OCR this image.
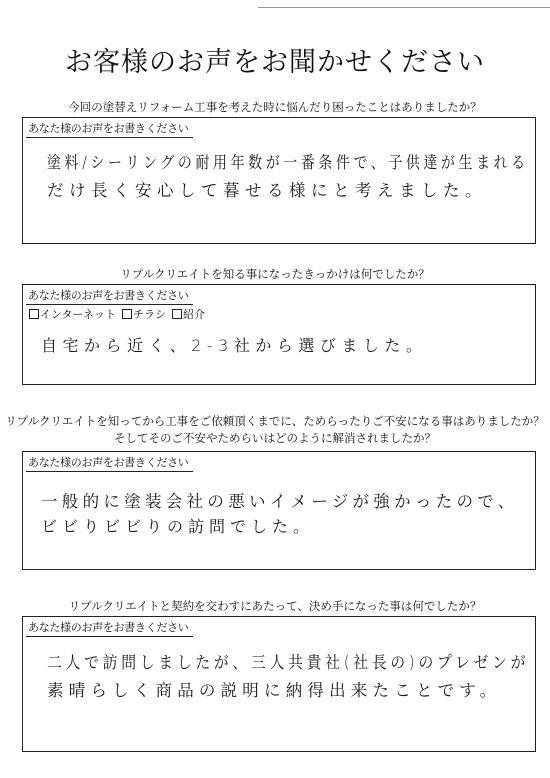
お客様のお声をお聞かせください
今回の塗替えリフォーム工事を考えた時に悩んだり困ったことはありましたか？
あなた様のお声をお書きください
塗料/シーリングの耐用年数が一番条件で、子供達が生まれる
だけ長く安心して暮せる様にと考えました。
リプルクリエイトを知る事になったきっかけは何でしたか？
あなた様のお声をお書きください
インターネット チラシ 紹介
自宅から近く、2-3社から選びました。
リプルクリエイトを知ってから工事をご依頼頂くまでに、ためらったりご不安になる事はありましたか？
そしてそのご不安やためらいはどのように解消されましたか？
あなた様のお声をお書きください
一般的に塗装会社の悪いイメージが強かったので、
ビビりビビりの訪問でした。
リプルクリエイトと契約を交わすにあたって、決め手になった事は何でしたか？
あなた様のお声をお書きください
二人で訪問しましたが、三人共貴社(社長の)のプレゼンが
素晴らしく商品の説明に納得出来たことです。
